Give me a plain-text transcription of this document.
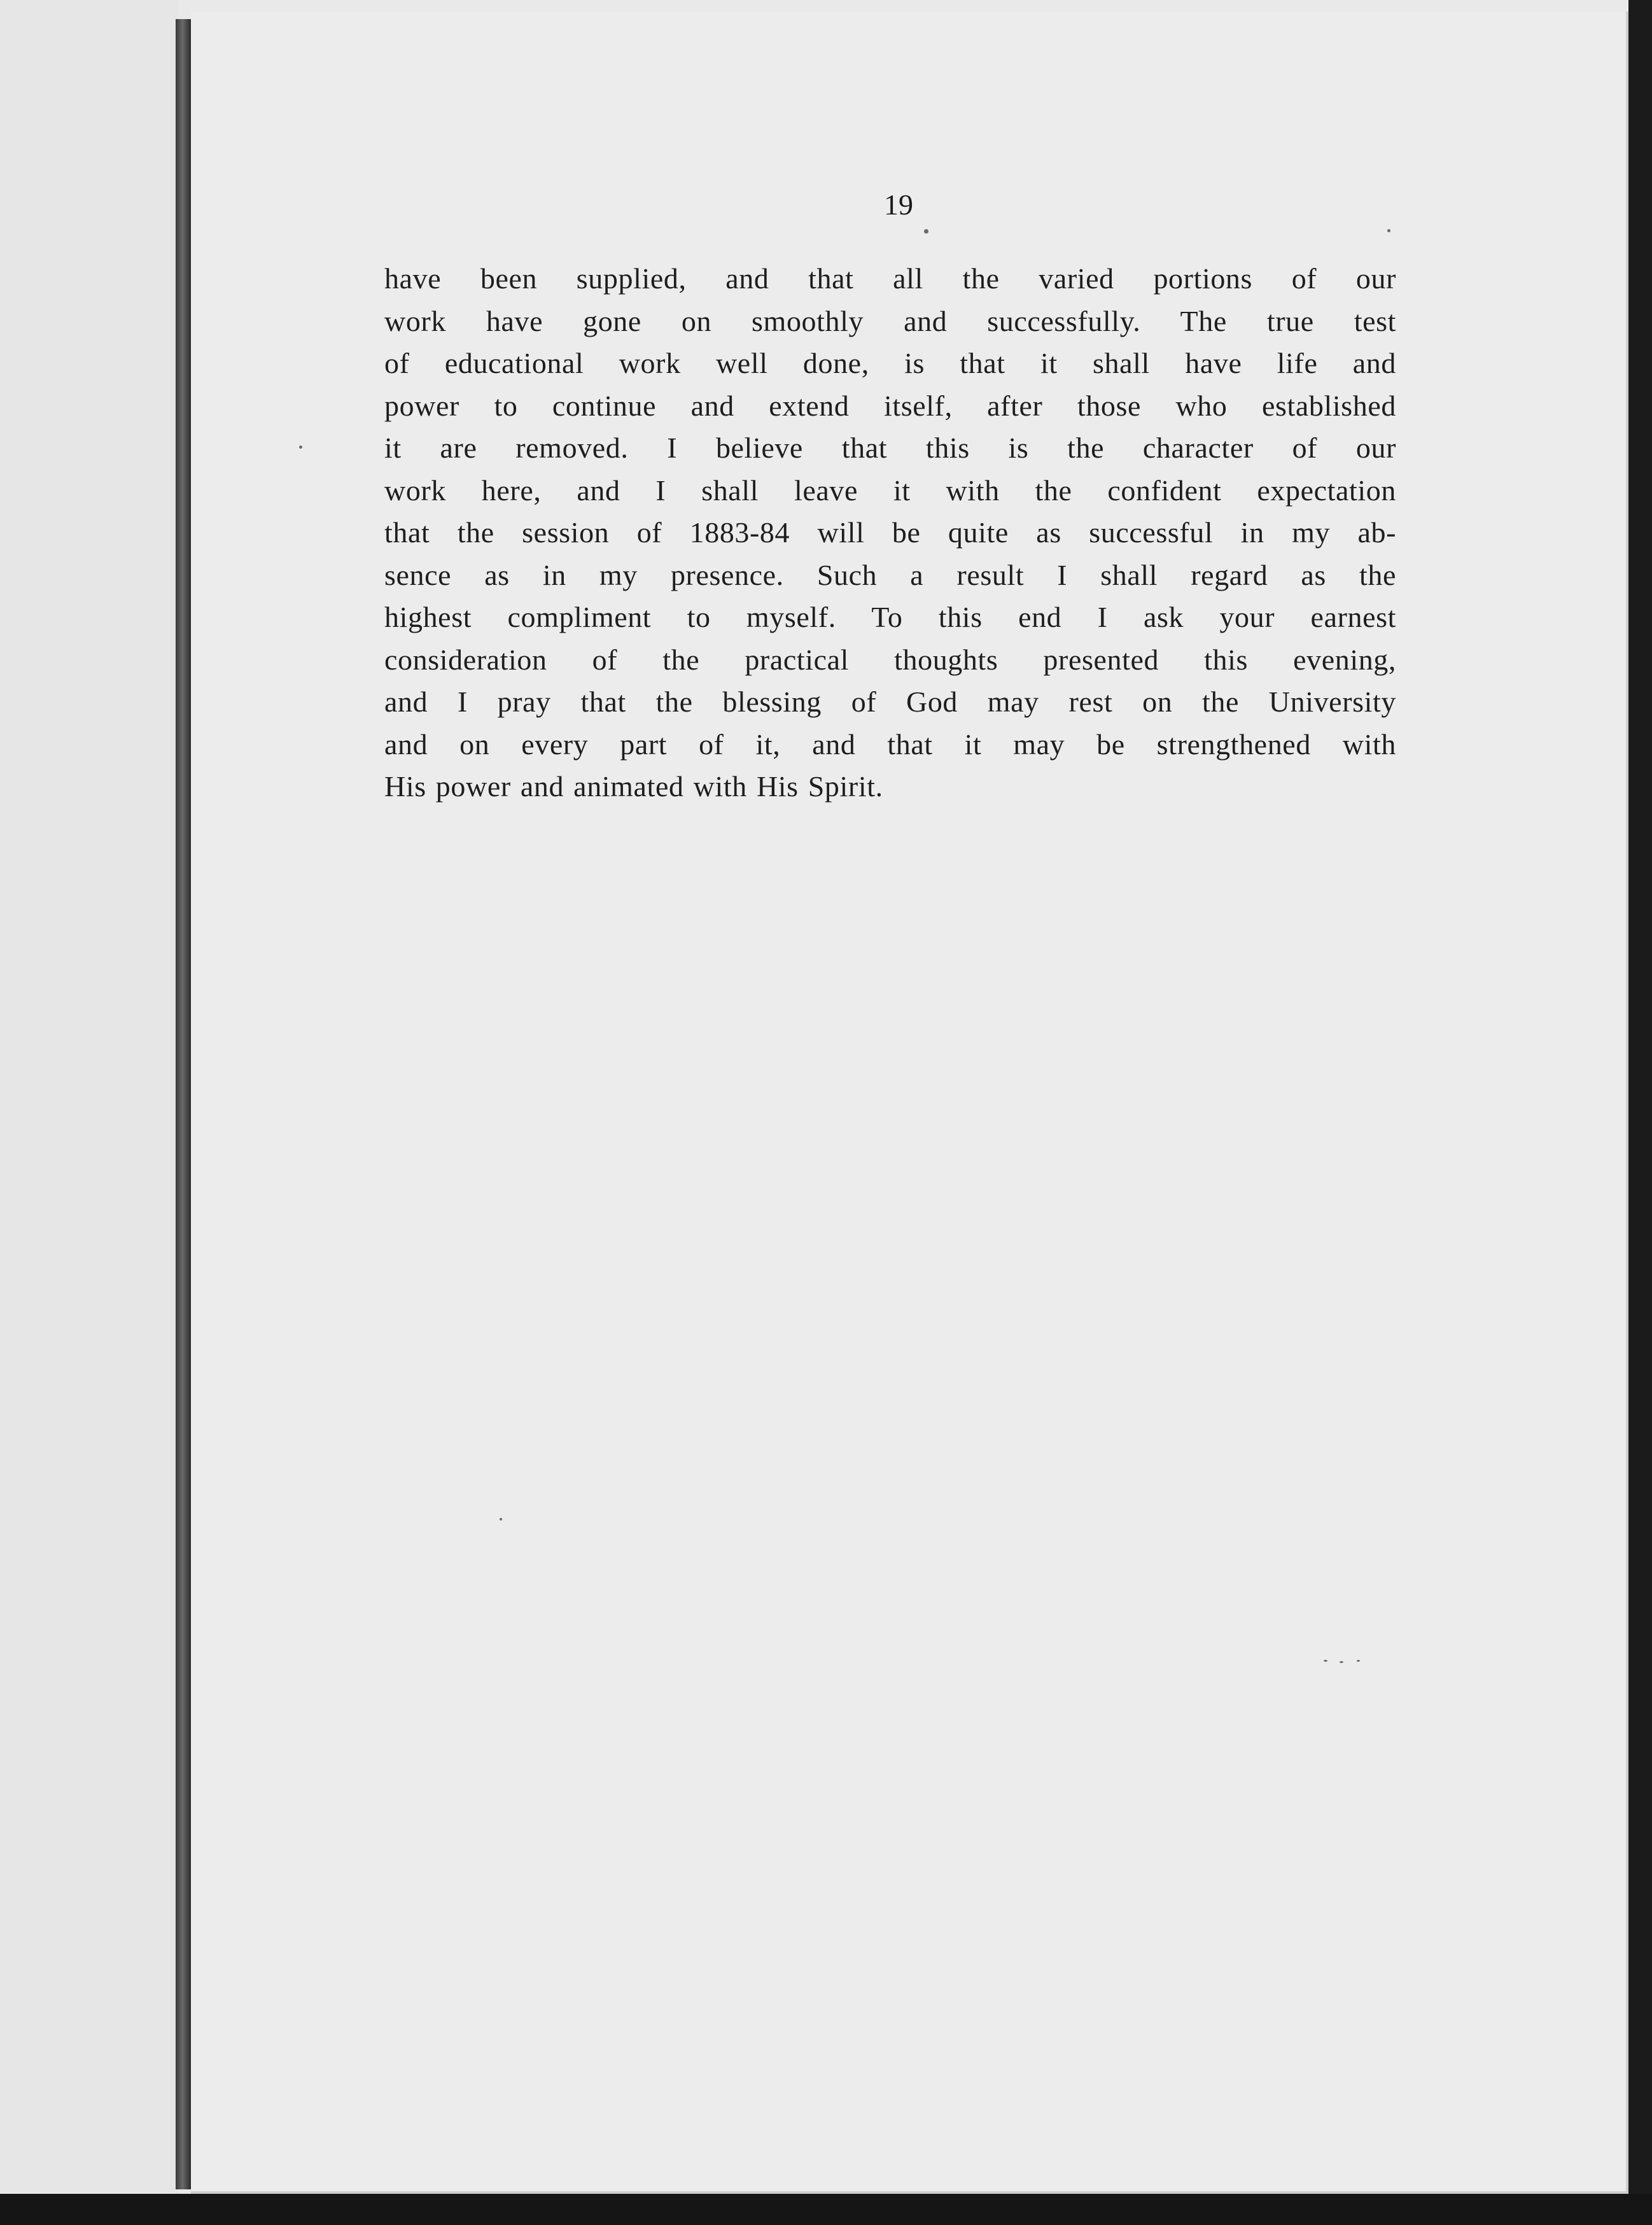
19
have been supplied, and that all the varied portions of our
work have gone on smoothly and successfully. The true test
of educational work well done, is that it shall have life and
power to continue and extend itself, after those who established
it are removed. I believe that this is the character of our
work here, and I shall leave it with the confident expectation
that the session of 1883-84 will be quite as successful in my ab-
sence as in my presence. Such a result I shall regard as the
highest compliment to myself. To this end I ask your earnest
consideration of the practical thoughts presented this evening,
and I pray that the blessing of God may rest on the University
and on every part of it, and that it may be strengthened with
His power and animated with His Spirit.
